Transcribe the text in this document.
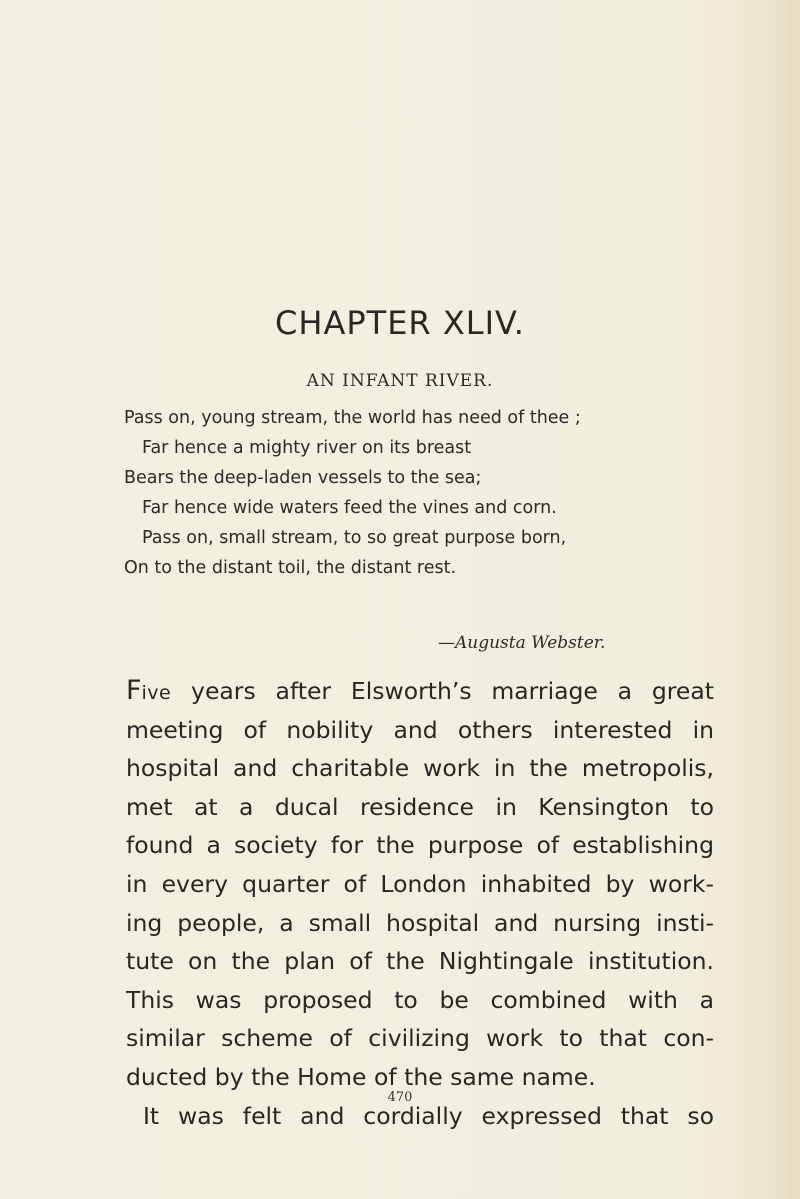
CHAPTER XLIV.
AN INFANT RIVER.
Pass on, young stream, the world has need of thee ;
Far hence a mighty river on its breast
Bears the deep-laden vessels to the sea;
Far hence wide waters feed the vines and corn.
Pass on, small stream, to so great purpose born,
On to the distant toil, the distant rest.
—Augusta Webster.
Five years after Elsworth’s marriage a great
meeting of nobility and others interested in
hospital and charitable work in the metropolis,
met at a ducal residence in Kensington to
found a society for the purpose of establishing
in every quarter of London inhabited by work-
ing people, a small hospital and nursing insti-
tute on the plan of the Nightingale institution.
This was proposed to be combined with a
similar scheme of civilizing work to that con-
ducted by the Home of the same name.
It was felt and cordially expressed that so
470
